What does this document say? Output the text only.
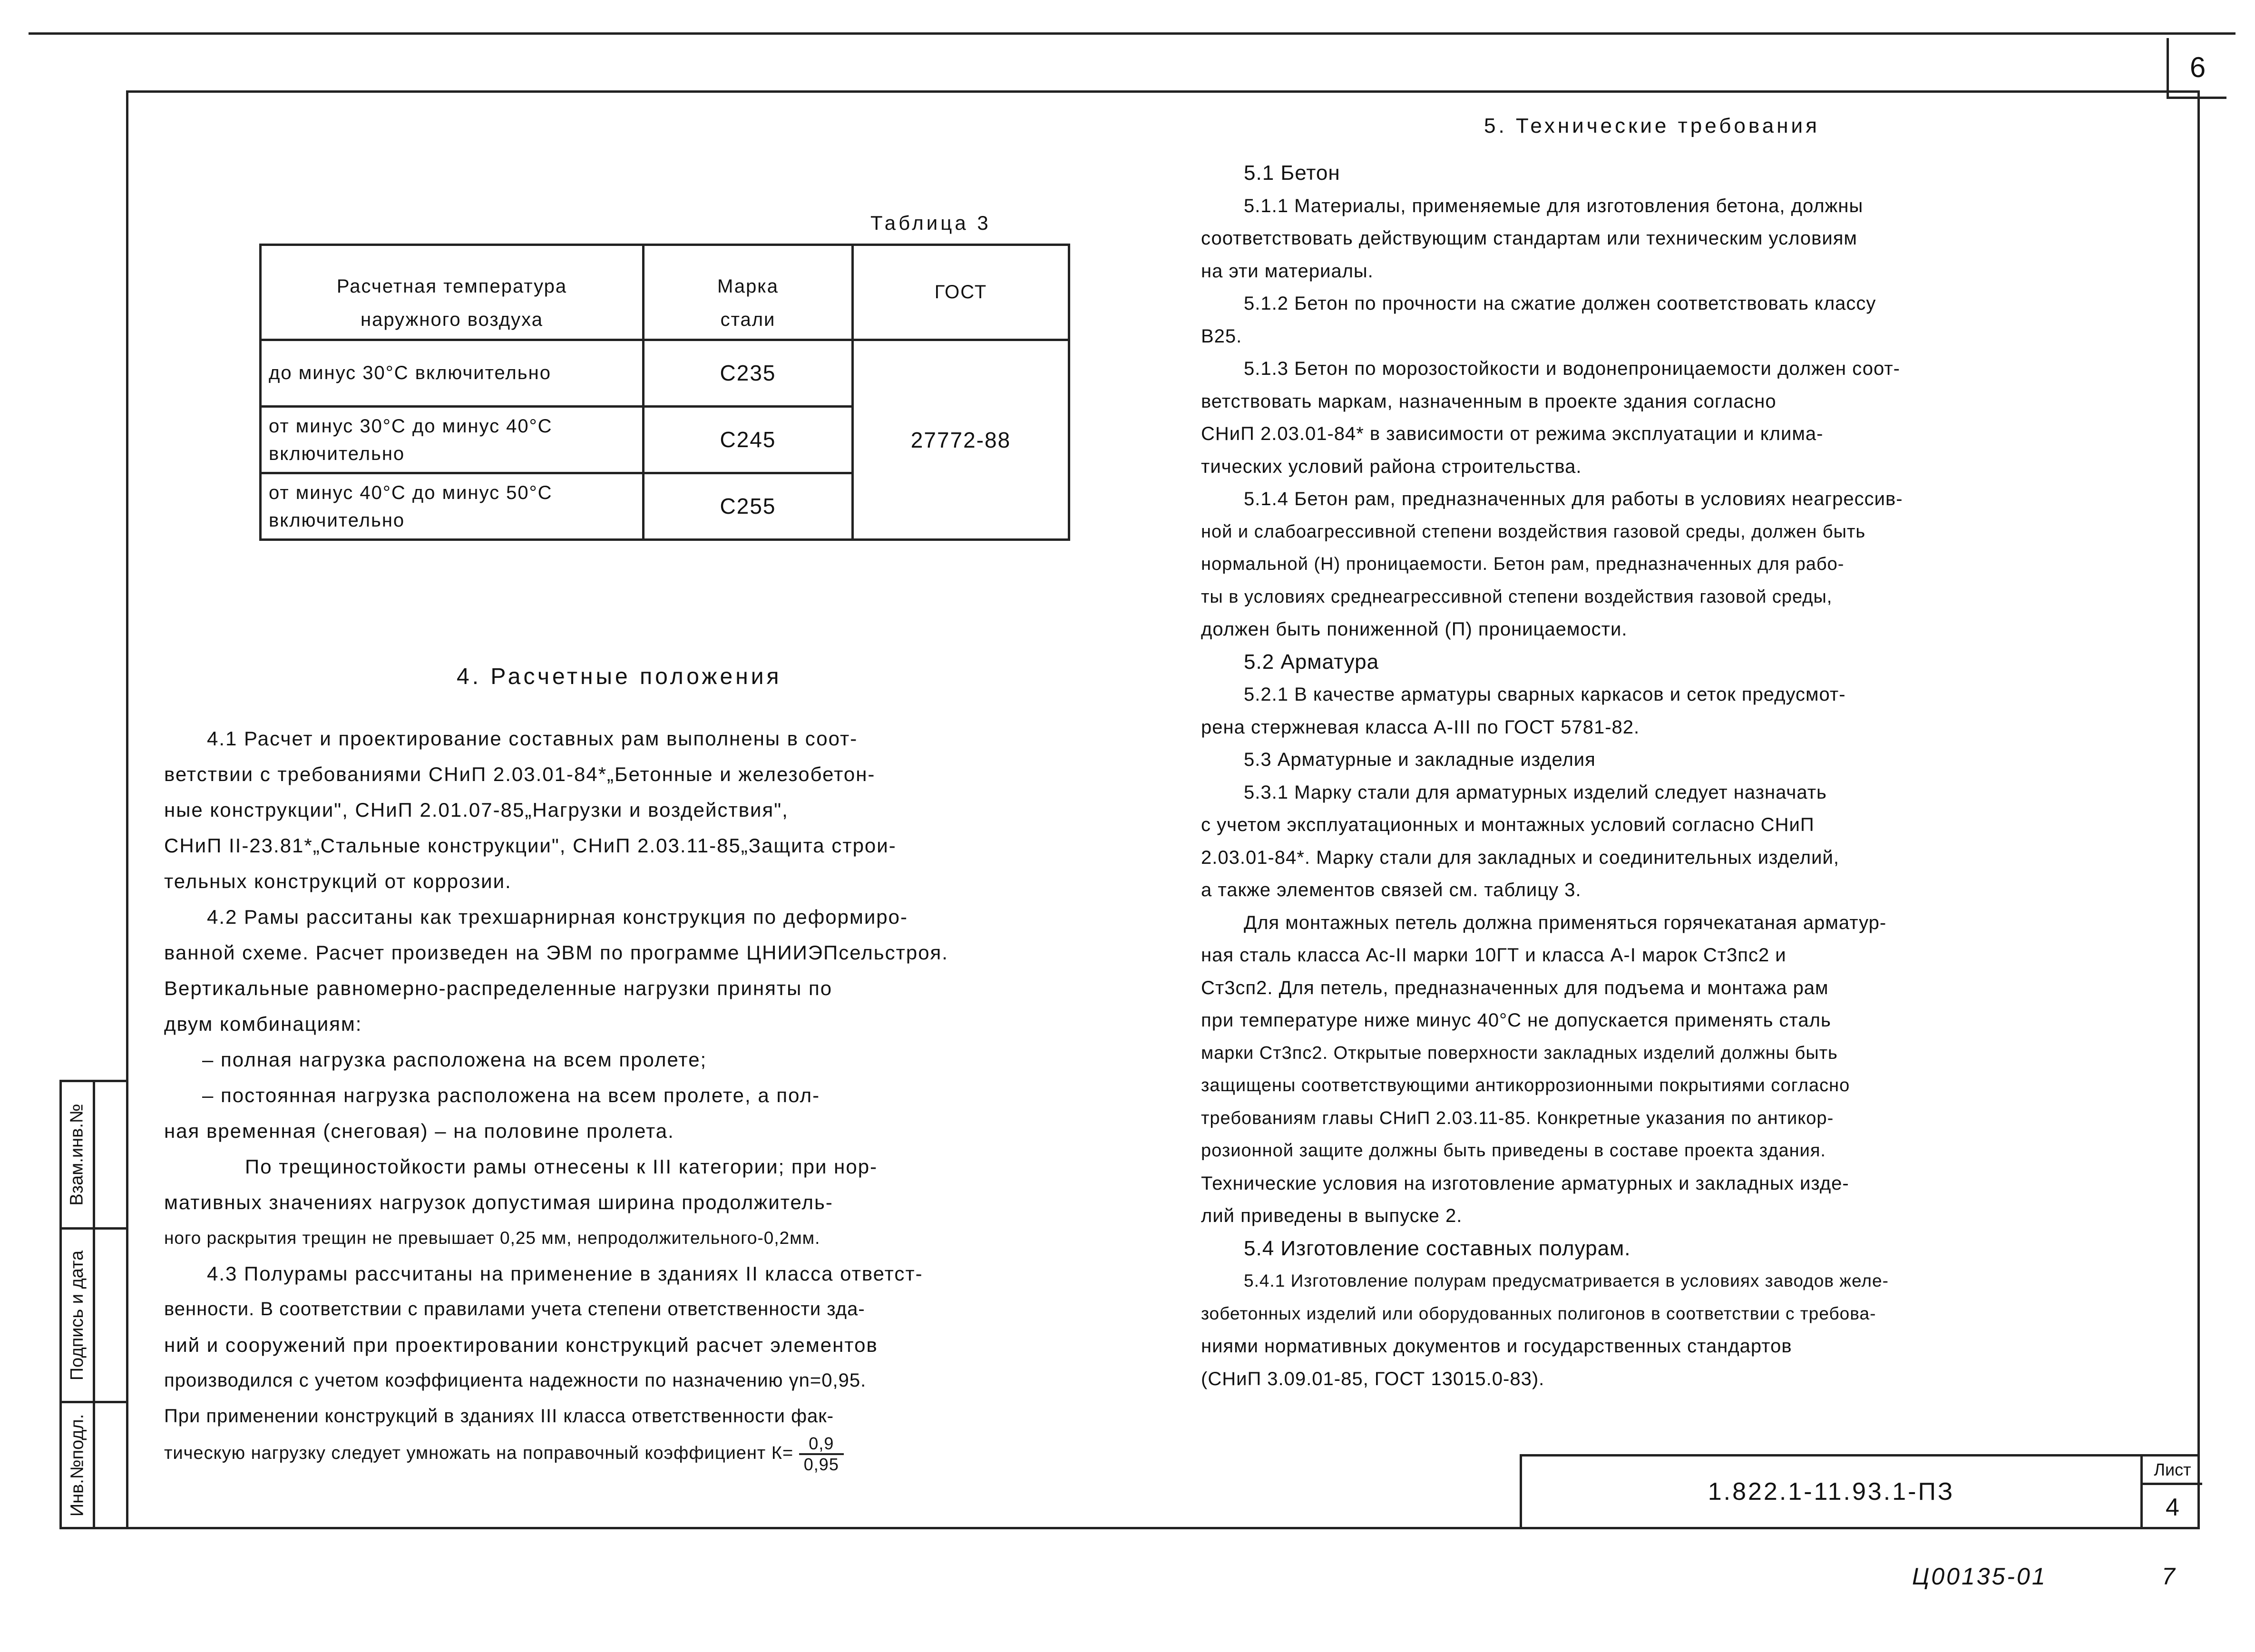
6
Взам.инв.№
Подпись и дата
Инв.№подл.
Таблица 3
Расчетная температура
наружного воздуха
Марка
стали
ГОСТ
до минус 30°С включительно	С235
от минус 30°С до минус 40°С
включительно
С245
от минус 40°С до минус 50°С
включительно
С255
27772-88
4. Расчетные положения
4.1 Расчет и проектирование составных рам выполнены в соот-
ветствии с требованиями СНиП 2.03.01-84*„Бетонные и железобетон-
ные конструкции", СНиП 2.01.07-85„Нагрузки и воздействия",
СНиП II-23.81*„Стальные конструкции", СНиП 2.03.11-85„Защита строи-
тельных конструкций от коррозии.
4.2 Рамы расситаны как трехшарнирная конструкция по деформиро-
ванной схеме. Расчет произведен на ЭВМ по программе ЦНИИЭПсельстроя.
Вертикальные равномерно-распределенные нагрузки приняты по
двум комбинациям:
– полная нагрузка расположена на всем пролете;
– постоянная нагрузка расположена на всем пролете, а пол-
ная временная (снеговая) – на половине пролета.
По трещиностойкости рамы отнесены к III категории; при нор-
мативных значениях нагрузок допустимая ширина продолжитель-
ного раскрытия трещин не превышает 0,25 мм, непродолжительного-0,2мм.
4.3 Полурамы рассчитаны на применение в зданиях II класса ответст-
венности. В соответствии с правилами учета степени ответственности зда-
ний и сооружений при проектировании конструкций расчет элементов
производился с учетом коэффициента надежности по назначению γn=0,95.
При применении конструкций в зданиях III класса ответственности фак-
тическую нагрузку следует умножать на поправочный коэффициент $К= \frac{0,9}{0,95}$
5. Технические требования
5.1 Бетон
5.1.1 Материалы, применяемые для изготовления бетона, должны
соответствовать действующим стандартам или техническим условиям
на эти материалы.
5.1.2 Бетон по прочности на сжатие должен соответствовать классу
В25.
5.1.3 Бетон по морозостойкости и водонепроницаемости должен соот-
ветствовать маркам, назначенным в проекте здания согласно
СНиП 2.03.01-84* в зависимости от режима эксплуатации и клима-
тических условий района строительства.
5.1.4 Бетон рам, предназначенных для работы в условиях неагрессив-
ной и слабоагрессивной степени воздействия газовой среды, должен быть
нормальной (Н) проницаемости. Бетон рам, предназначенных для рабо-
ты в условиях среднеагрессивной степени воздействия газовой среды,
должен быть пониженной (П) проницаемости.
5.2 Арматура
5.2.1 В качестве арматуры сварных каркасов и сеток предусмот-
рена стержневая класса А-III по ГОСТ 5781-82.
5.3 Арматурные и закладные изделия
5.3.1 Марку стали для арматурных изделий следует назначать
с учетом эксплуатационных и монтажных условий согласно СНиП
2.03.01-84*. Марку стали для закладных и соединительных изделий,
а также элементов связей см. таблицу 3.
Для монтажных петель должна применяться горячекатаная арматур-
ная сталь класса Ас-II марки 10ГТ и класса А-I марок Ст3пс2 и
Ст3сп2. Для петель, предназначенных для подъема и монтажа рам
при температуре ниже минус 40°С не допускается применять сталь
марки Ст3пс2. Открытые поверхности закладных изделий должны быть
защищены соответствующими антикоррозионными покрытиями согласно
требованиям главы СНиП 2.03.11-85. Конкретные указания по антикор-
розионной защите должны быть приведены в составе проекта здания.
Технические условия на изготовление арматурных и закладных изде-
лий приведены в выпуске 2.
5.4 Изготовление составных полурам.
5.4.1 Изготовление полурам предусматривается в условиях заводов желе-
зобетонных изделий или оборудованных полигонов в соответствии с требова-
ниями нормативных документов и государственных стандартов
(СНиП 3.09.01-85, ГОСТ 13015.0-83).
1.822.1-11.93.1-ПЗ
Лист
4
Ц00135-01	7
